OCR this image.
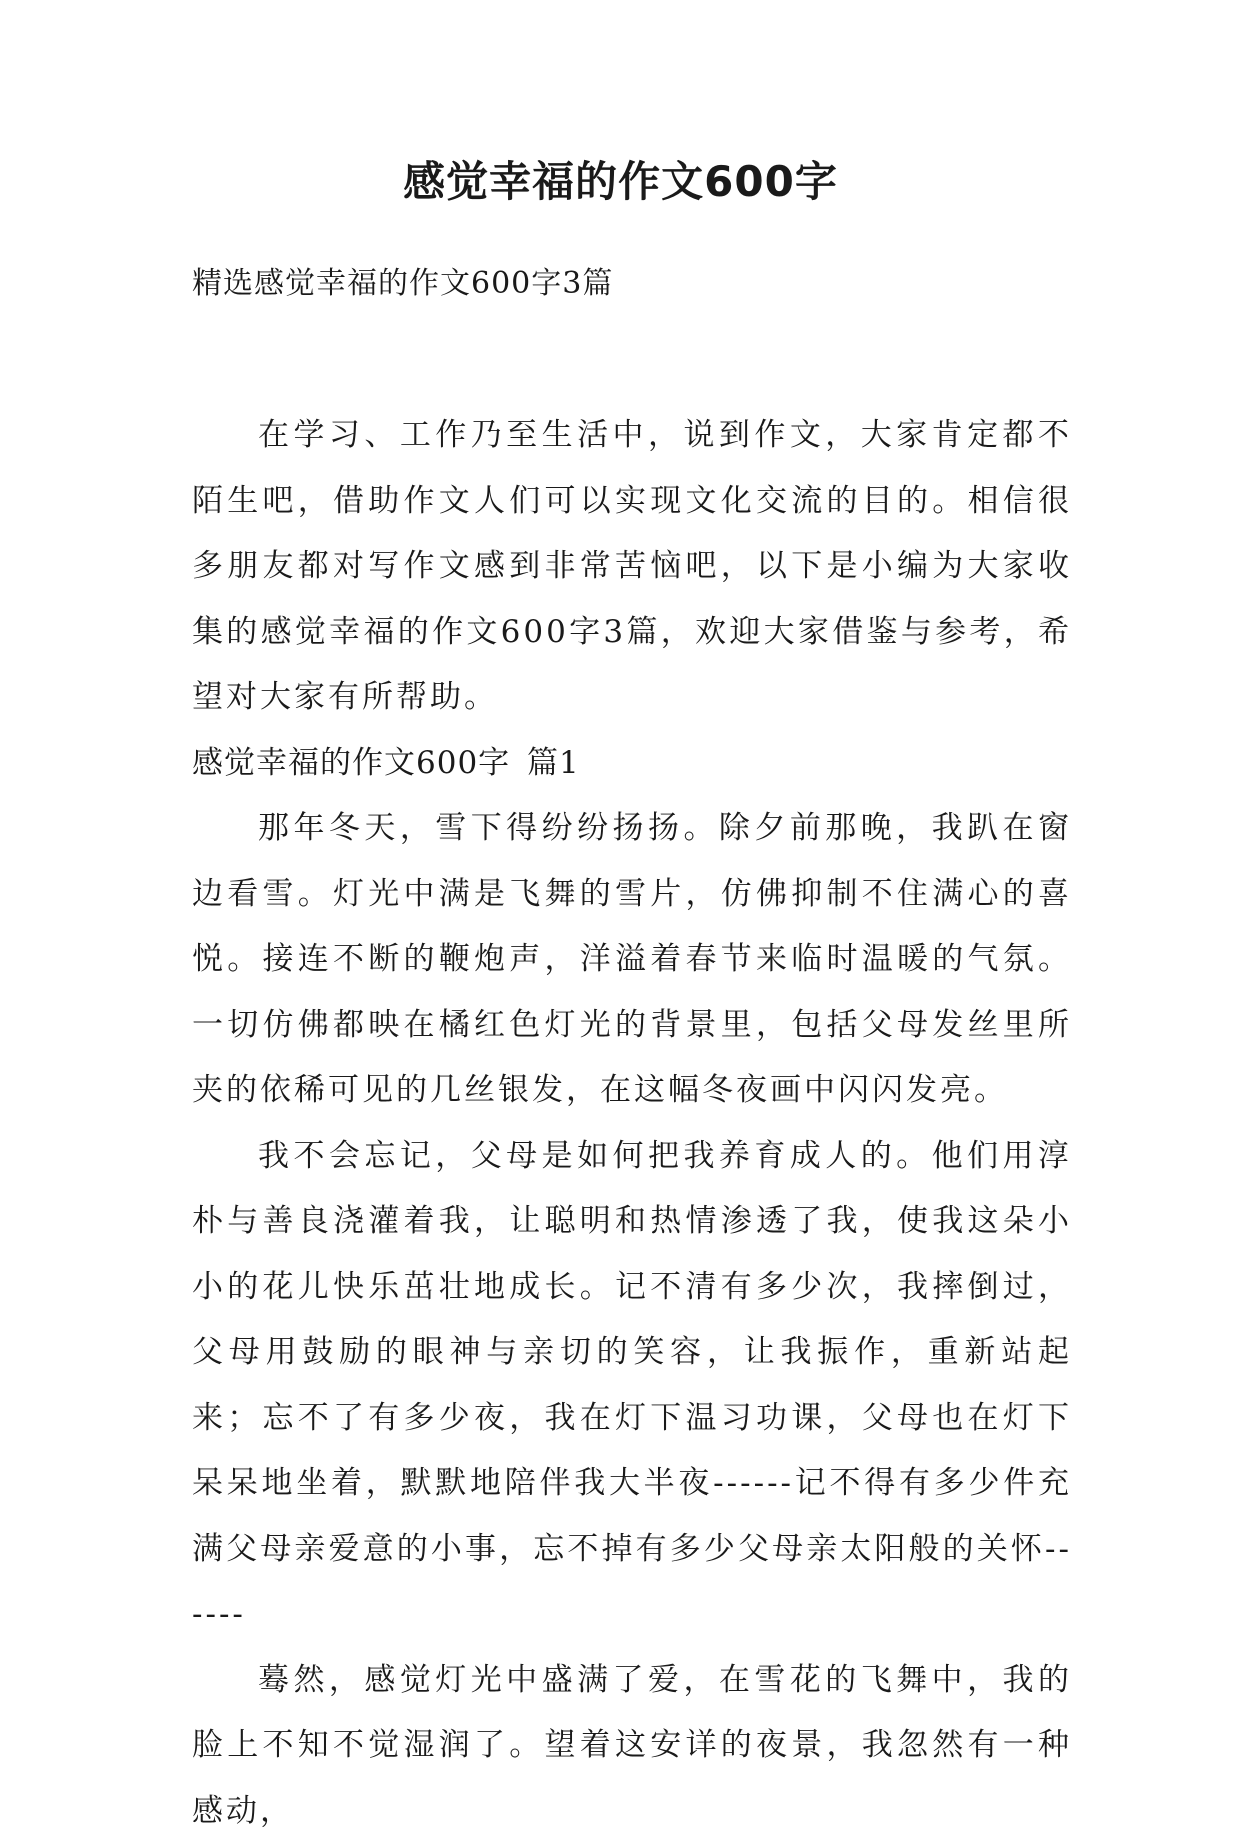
感觉幸福的作文600字
精选感觉幸福的作文600字3篇

在学习、工作乃至生活中，说到作文，大家肯定都不陌生吧，借助作文人们可以实现文化交流的目的。相信很多朋友都对写作文感到非常苦恼吧，以下是小编为大家收集的感觉幸福的作文600字3篇，欢迎大家借鉴与参考，希望对大家有所帮助。

感觉幸福的作文600字 篇1

那年冬天，雪下得纷纷扬扬。除夕前那晚，我趴在窗边看雪。灯光中满是飞舞的雪片，仿佛抑制不住满心的喜悦。接连不断的鞭炮声，洋溢着春节来临时温暖的气氛。一切仿佛都映在橘红色灯光的背景里，包括父母发丝里所夹的依稀可见的几丝银发，在这幅冬夜画中闪闪发亮。

我不会忘记，父母是如何把我养育成人的。他们用淳朴与善良浇灌着我，让聪明和热情渗透了我，使我这朵小小的花儿快乐茁壮地成长。记不清有多少次，我摔倒过，父母用鼓励的眼神与亲切的笑容，让我振作，重新站起来；忘不了有多少夜，我在灯下温习功课，父母也在灯下呆呆地坐着，默默地陪伴我大半夜------记不得有多少件充满父母亲爱意的小事，忘不掉有多少父母亲太阳般的关怀------

蓦然，感觉灯光中盛满了爱，在雪花的飞舞中，我的脸上不知不觉湿润了。望着这安详的夜景，我忽然有一种感动，
